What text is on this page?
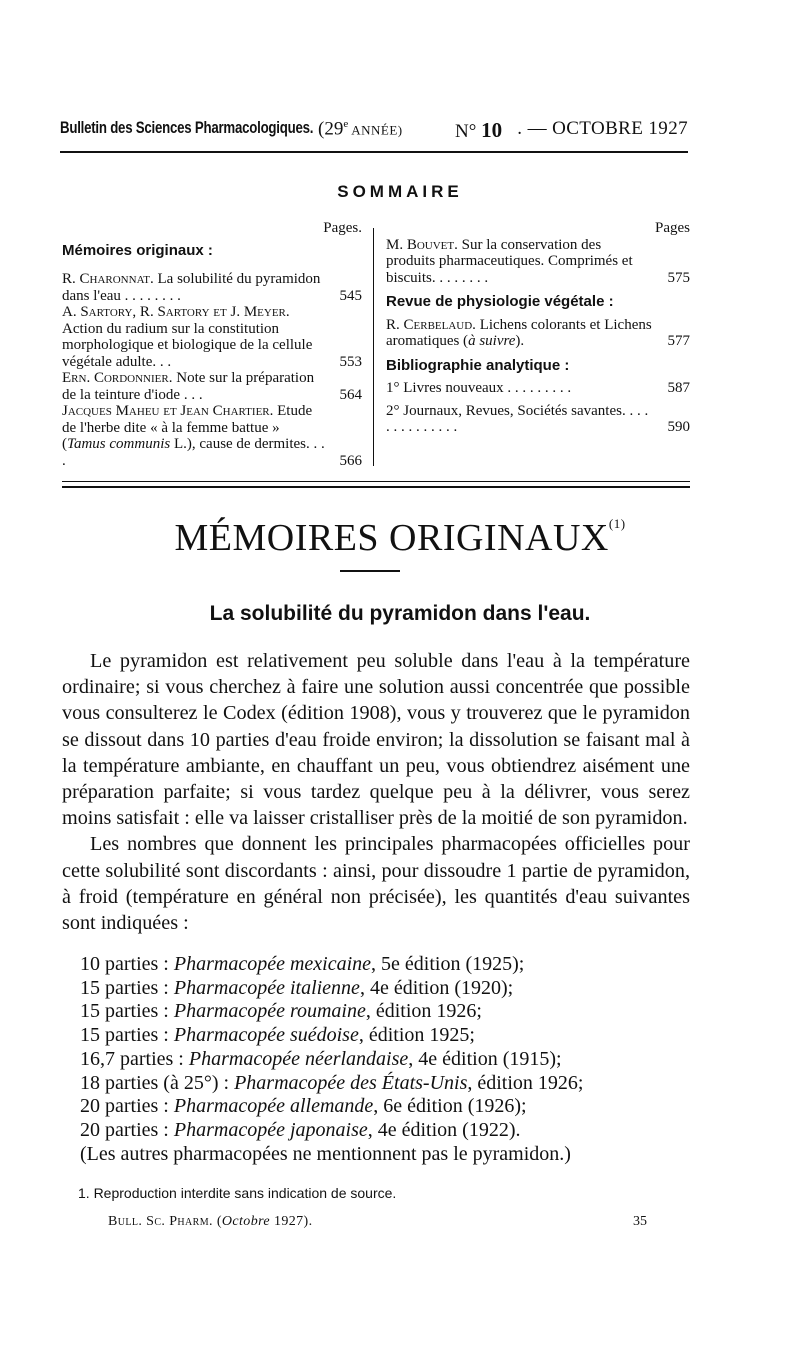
Bulletin des Sciences Pharmacologiques. (29e ANNÉE)	N° 10 . — OCTOBRE 1927
SOMMAIRE
Pages.
Mémoires originaux :
R. Charonnat. La solubilité du pyramidon dans l'eau . . . . . . . .	545
A. Sartory, R. Sartory et J. Meyer. Action du radium sur la constitution morphologique et biologique de la cellule végétale adulte. . .	553
Ern. Cordonnier. Note sur la préparation de la teinture d'iode . . .	564
Jacques Maheu et Jean Chartier. Etude de l'herbe dite « à la femme battue » (Tamus communis L.), cause de dermites. . . .	566
Pages
M. Bouvet. Sur la conservation des produits pharmaceutiques. Comprimés et biscuits. . . . . . . .	575
Revue de physiologie végétale :
R. Cerbelaud. Lichens colorants et Lichens aromatiques (à suivre).	577
Bibliographie analytique :
1° Livres nouveaux . . . . . . . . .	587
2° Journaux, Revues, Sociétés savantes. . . . . . . . . . . . . .	590
MÉMOIRES ORIGINAUX$^{(1)}$
La solubilité du pyramidon dans l'eau.

Le pyramidon est relativement peu soluble dans l'eau à la température ordinaire; si vous cherchez à faire une solution aussi concentrée que possible vous consulterez le Codex (édition 1908), vous y trouverez que le pyramidon se dissout dans 10 parties d'eau froide environ; la dissolution se faisant mal à la température ambiante, en chauffant un peu, vous obtiendrez aisément une préparation parfaite; si vous tardez quelque peu à la délivrer, vous serez moins satisfait : elle va laisser cristalliser près de la moitié de son pyramidon.

Les nombres que donnent les principales pharmacopées officielles pour cette solubilité sont discordants : ainsi, pour dissoudre 1 partie de pyramidon, à froid (température en général non précisée), les quantités d'eau suivantes sont indiquées :

10 parties : Pharmacopée mexicaine, 5e édition (1925);
15 parties : Pharmacopée italienne, 4e édition (1920);
15 parties : Pharmacopée roumaine, édition 1926;
15 parties : Pharmacopée suédoise, édition 1925;
16,7 parties : Pharmacopée néerlandaise, 4e édition (1915);
18 parties (à 25°) : Pharmacopée des États-Unis, édition 1926;
20 parties : Pharmacopée allemande, 6e édition (1926);
20 parties : Pharmacopée japonaise, 4e édition (1922).
(Les autres pharmacopées ne mentionnent pas le pyramidon.)
1. Reproduction interdite sans indication de source.
Bull. Sc. Pharm. (Octobre 1927).	35
